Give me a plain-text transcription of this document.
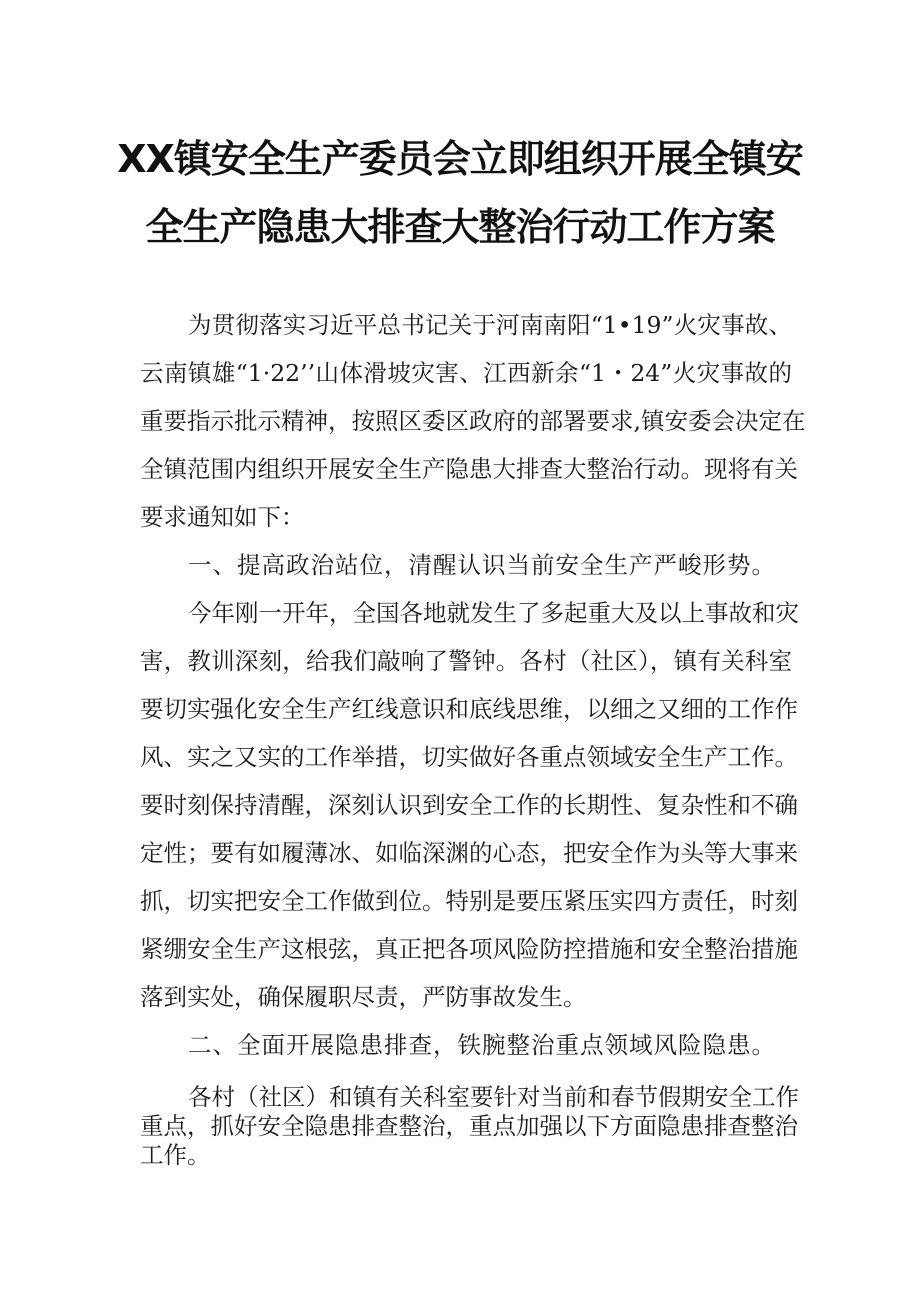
XX镇安全生产委员会立即组织开展全镇安
全生产隐患大排查大整治行动工作方案
为贯彻落实习近平总书记关于河南南阳“1•19”火灾事故、
云南镇雄“1·22’’山体滑坡灾害、江西新余“1・24”火灾事故的
重要指示批示精神，按照区委区政府的部署要求,镇安委会决定在
全镇范围内组织开展安全生产隐患大排查大整治行动。现将有关
要求通知如下：
一、提高政治站位，清醒认识当前安全生产严峻形势。
今年刚一开年，全国各地就发生了多起重大及以上事故和灾
害，教训深刻，给我们敲响了警钟。各村（社区），镇有关科室
要切实强化安全生产红线意识和底线思维，以细之又细的工作作
风、实之又实的工作举措，切实做好各重点领域安全生产工作。
要时刻保持清醒，深刻认识到安全工作的长期性、复杂性和不确
定性；要有如履薄冰、如临深渊的心态，把安全作为头等大事来
抓，切实把安全工作做到位。特别是要压紧压实四方责任，时刻
紧绷安全生产这根弦，真正把各项风险防控措施和安全整治措施
落到实处，确保履职尽责，严防事故发生。
二、全面开展隐患排查，铁腕整治重点领域风险隐患。
各村（社区）和镇有关科室要针对当前和春节假期安全工作
重点，抓好安全隐患排查整治，重点加强以下方面隐患排查整治
工作。
